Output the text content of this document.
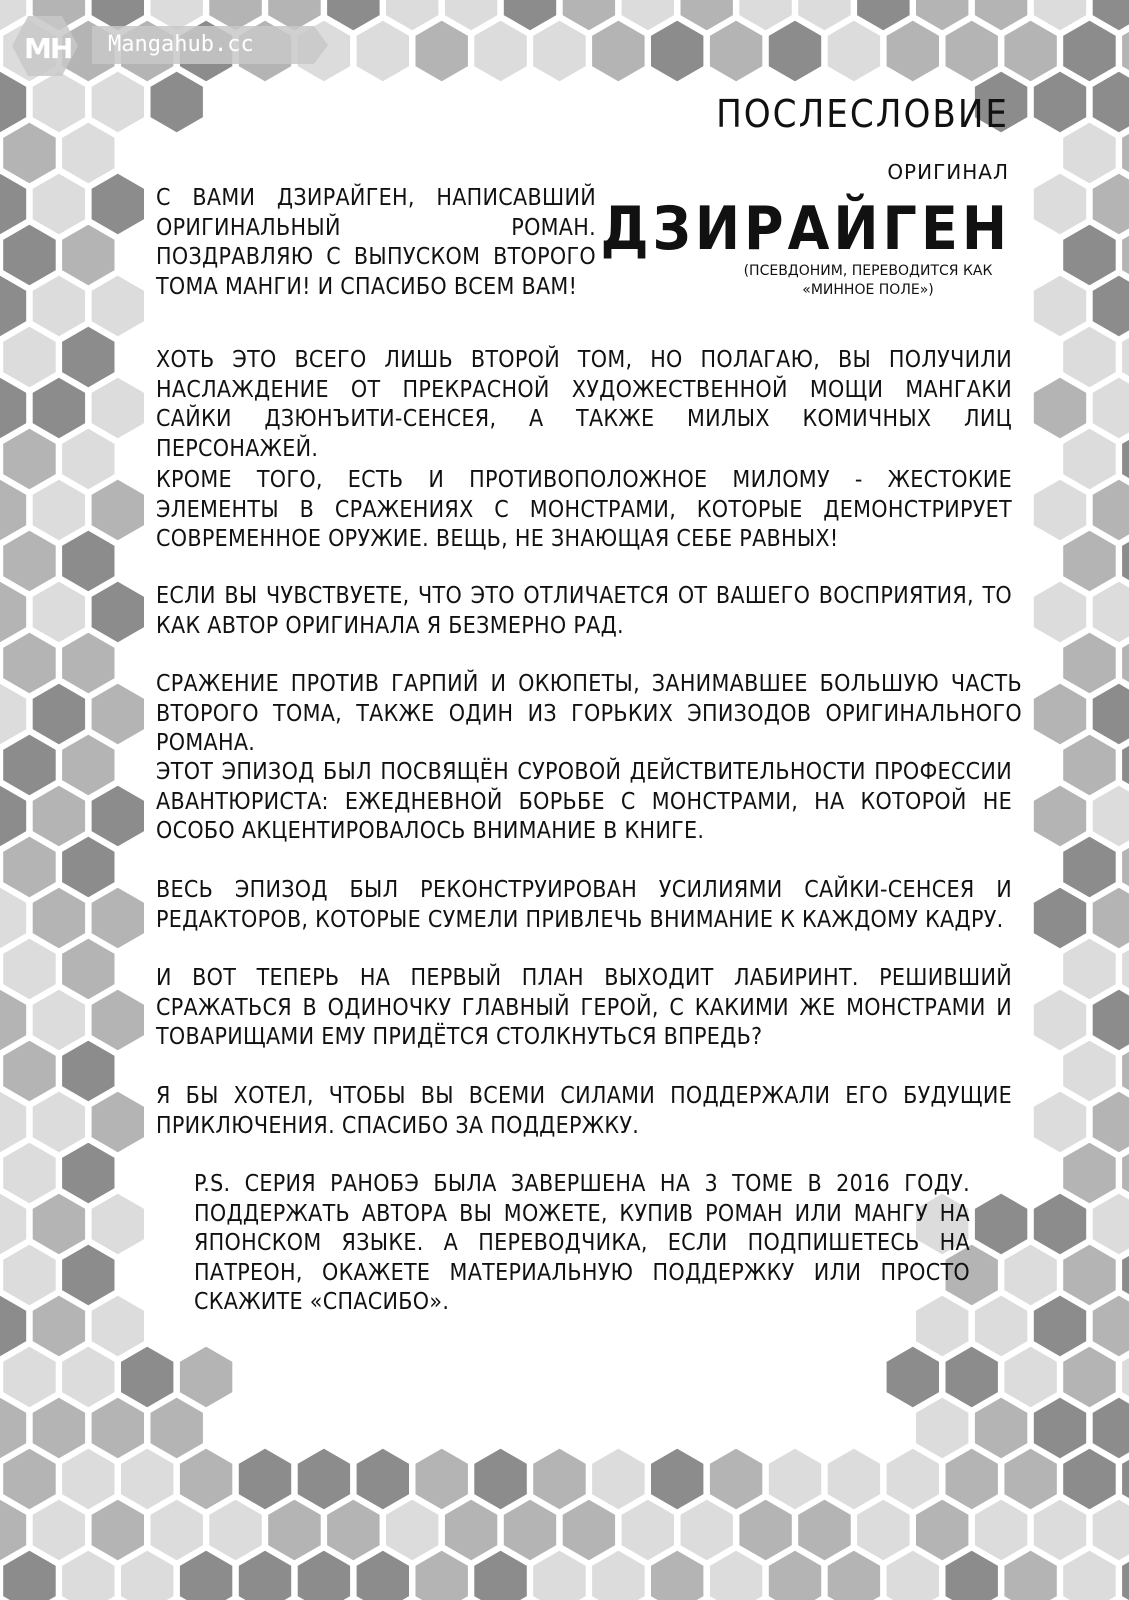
MH Mangahub.cc
ПОСЛЕСЛОВИЕ
ОРИГИНАЛ
ДЗИРАЙГЕН
(ПСЕВДОНИМ, ПЕРЕВОДИТСЯ КАК «МИННОЕ ПОЛЕ»)
С ВАМИ ДЗИРАЙГЕН, НАПИСАВШИЙ ОРИГИНАЛЬНЫЙ РОМАН. ПОЗДРАВЛЯЮ С ВЫПУСКОМ ВТОРОГО ТОМА МАНГИ! И СПАСИБО ВСЕМ ВАМ!
ХОТЬ ЭТО ВСЕГО ЛИШЬ ВТОРОЙ ТОМ, НО ПОЛАГАЮ, ВЫ ПОЛУЧИЛИ НАСЛАЖДЕНИЕ ОТ ПРЕКРАСНОЙ ХУДОЖЕСТВЕННОЙ МОЩИ МАНГАКИ САЙКИ ДЗЮНЪИТИ-СЕНСЕЯ, А ТАКЖЕ МИЛЫХ КОМИЧНЫХ ЛИЦ ПЕРСОНАЖЕЙ.
КРОМЕ ТОГО, ЕСТЬ И ПРОТИВОПОЛОЖНОЕ МИЛОМУ - ЖЕСТОКИЕ ЭЛЕМЕНТЫ В СРАЖЕНИЯХ С МОНСТРАМИ, КОТОРЫЕ ДЕМОНСТРИРУЕТ СОВРЕМЕННОЕ ОРУЖИЕ. ВЕЩЬ, НЕ ЗНАЮЩАЯ СЕБЕ РАВНЫХ!
ЕСЛИ ВЫ ЧУВСТВУЕТЕ, ЧТО ЭТО ОТЛИЧАЕТСЯ ОТ ВАШЕГО ВОСПРИЯТИЯ, ТО КАК АВТОР ОРИГИНАЛА Я БЕЗМЕРНО РАД.
СРАЖЕНИЕ ПРОТИВ ГАРПИЙ И ОКЮПЕТЫ, ЗАНИМАВШЕЕ БОЛЬШУЮ ЧАСТЬ ВТОРОГО ТОМА, ТАКЖЕ ОДИН ИЗ ГОРЬКИХ ЭПИЗОДОВ ОРИГИНАЛЬНОГО РОМАНА.
ЭТОТ ЭПИЗОД БЫЛ ПОСВЯЩЁН СУРОВОЙ ДЕЙСТВИТЕЛЬНОСТИ ПРОФЕССИИ АВАНТЮРИСТА: ЕЖЕДНЕВНОЙ БОРЬБЕ С МОНСТРАМИ, НА КОТОРОЙ НЕ ОСОБО АКЦЕНТИРОВАЛОСЬ ВНИМАНИЕ В КНИГЕ.
ВЕСЬ ЭПИЗОД БЫЛ РЕКОНСТРУИРОВАН УСИЛИЯМИ САЙКИ-СЕНСЕЯ И РЕДАКТОРОВ, КОТОРЫЕ СУМЕЛИ ПРИВЛЕЧЬ ВНИМАНИЕ К КАЖДОМУ КАДРУ.
И ВОТ ТЕПЕРЬ НА ПЕРВЫЙ ПЛАН ВЫХОДИТ ЛАБИРИНТ. РЕШИВШИЙ СРАЖАТЬСЯ В ОДИНОЧКУ ГЛАВНЫЙ ГЕРОЙ, С КАКИМИ ЖЕ МОНСТРАМИ И ТОВАРИЩАМИ ЕМУ ПРИДЁТСЯ СТОЛКНУТЬСЯ ВПРЕДЬ?
Я БЫ ХОТЕЛ, ЧТОБЫ ВЫ ВСЕМИ СИЛАМИ ПОДДЕРЖАЛИ ЕГО БУДУЩИЕ ПРИКЛЮЧЕНИЯ. СПАСИБО ЗА ПОДДЕРЖКУ.
P.S. СЕРИЯ РАНОБЭ БЫЛА ЗАВЕРШЕНА НА 3 ТОМЕ В 2016 ГОДУ. ПОДДЕРЖАТЬ АВТОРА ВЫ МОЖЕТЕ, КУПИВ РОМАН ИЛИ МАНГУ НА ЯПОНСКОМ ЯЗЫКЕ. А ПЕРЕВОДЧИКА, ЕСЛИ ПОДПИШЕТЕСЬ НА ПАТРЕОН, ОКАЖЕТЕ МАТЕРИАЛЬНУЮ ПОДДЕРЖКУ ИЛИ ПРОСТО СКАЖИТЕ «СПАСИБО».
